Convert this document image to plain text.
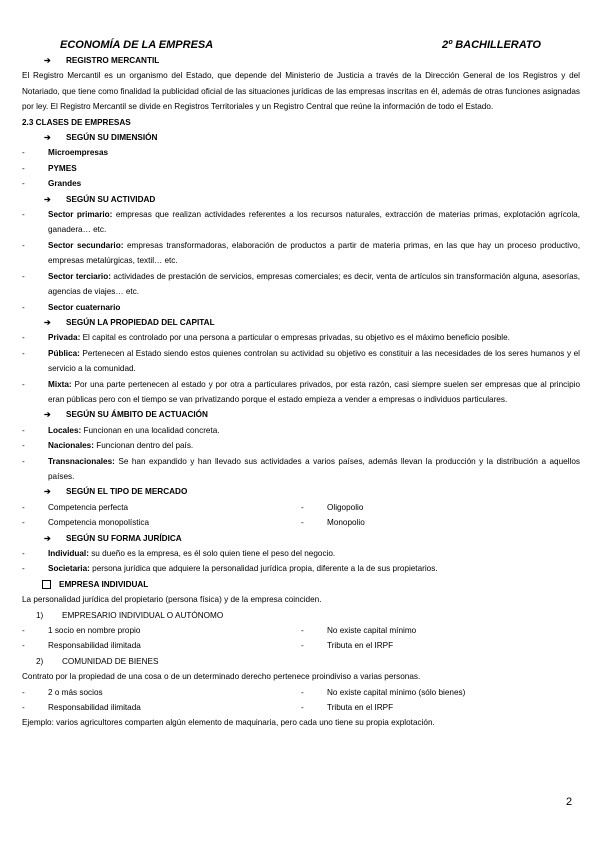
ECONOMÍA DE LA EMPRESA	2º BACHILLERATO
➔	REGISTRO MERCANTIL

El Registro Mercantil es un organismo del Estado, que depende del Ministerio de Justicia a través de la Dirección General de los Registros y del Notariado, que tiene como finalidad la publicidad oficial de las situaciones jurídicas de las empresas inscritas en él, además de otras funciones asignadas por ley. El Registro Mercantil se divide en Registros Territoriales y un Registro Central que reúne la información de todo el Estado.

2.3 CLASES DE EMPRESAS

➔	SEGÚN SU DIMENSIÓN
-	Microempresas
-	PYMES
-	Grandes
➔	SEGÚN SU ACTIVIDAD
-	Sector primario: empresas que realizan actividades referentes a los recursos naturales, extracción de materias primas, explotación agrícola, ganadera… etc.
-	Sector secundario: empresas transformadoras, elaboración de productos a partir de materia primas, en las que hay un proceso productivo, empresas metalúrgicas, textil… etc.
-	Sector terciario: actividades de prestación de servicios, empresas comerciales; es decir, venta de artículos sin transformación alguna, asesorías, agencias de viajes… etc.
-	Sector cuaternario
➔	SEGÚN LA PROPIEDAD DEL CAPITAL
-	Privada: El capital es controlado por una persona a particular o empresas privadas, su objetivo es el máximo beneficio posible.
-	Pública: Pertenecen al Estado siendo estos quienes controlan su actividad su objetivo es constituir a las necesidades de los seres humanos y el servicio a la comunidad.
-	Mixta: Por una parte pertenecen al estado y por otra a particulares privados, por esta razón, casi siempre suelen ser empresas que al principio eran públicas pero con el tiempo se van privatizando porque el estado empieza a vender a empresas o individuos particulares.
➔	SEGÚN SU ÁMBITO DE ACTUACIÓN
-	Locales: Funcionan en una localidad concreta.
-	Nacionales: Funcionan dentro del país.
-	Transnacionales: Se han expandido y han llevado sus actividades a varios países, además llevan la producción y la distribución a aquellos países.
➔	SEGÚN EL TIPO DE MERCADO
-	Competencia perfecta	-	Oligopolio
-	Competencia monopolística	-	Monopolio
➔	SEGÚN SU FORMA JURÍDICA
-	Individual: su dueño es la empresa, es él solo quien tiene el peso del negocio.
-	Societaria: persona jurídica que adquiere la personalidad jurídica propia, diferente a la de sus propietarios.
EMPRESA INDIVIDUAL

La personalidad jurídica del propietario (persona física) y de la empresa coinciden.

1)	EMPRESARIO INDIVIDUAL O AUTÓNOMO
-	1 socio en nombre propio	-	No existe capital mínimo
-	Responsabilidad ilimitada	-	Tributa en el IRPF
2)	COMUNIDAD DE BIENES

Contrato por la propiedad de una cosa o de un determinado derecho pertenece proindiviso a varias personas.

-	2 o más socios	-	No existe capital mínimo (sólo bienes)
-	Responsabilidad ilimitada	-	Tributa en el IRPF

Ejemplo: varios agricultores comparten algún elemento de maquinaria, pero cada uno tiene su propia explotación.

2
